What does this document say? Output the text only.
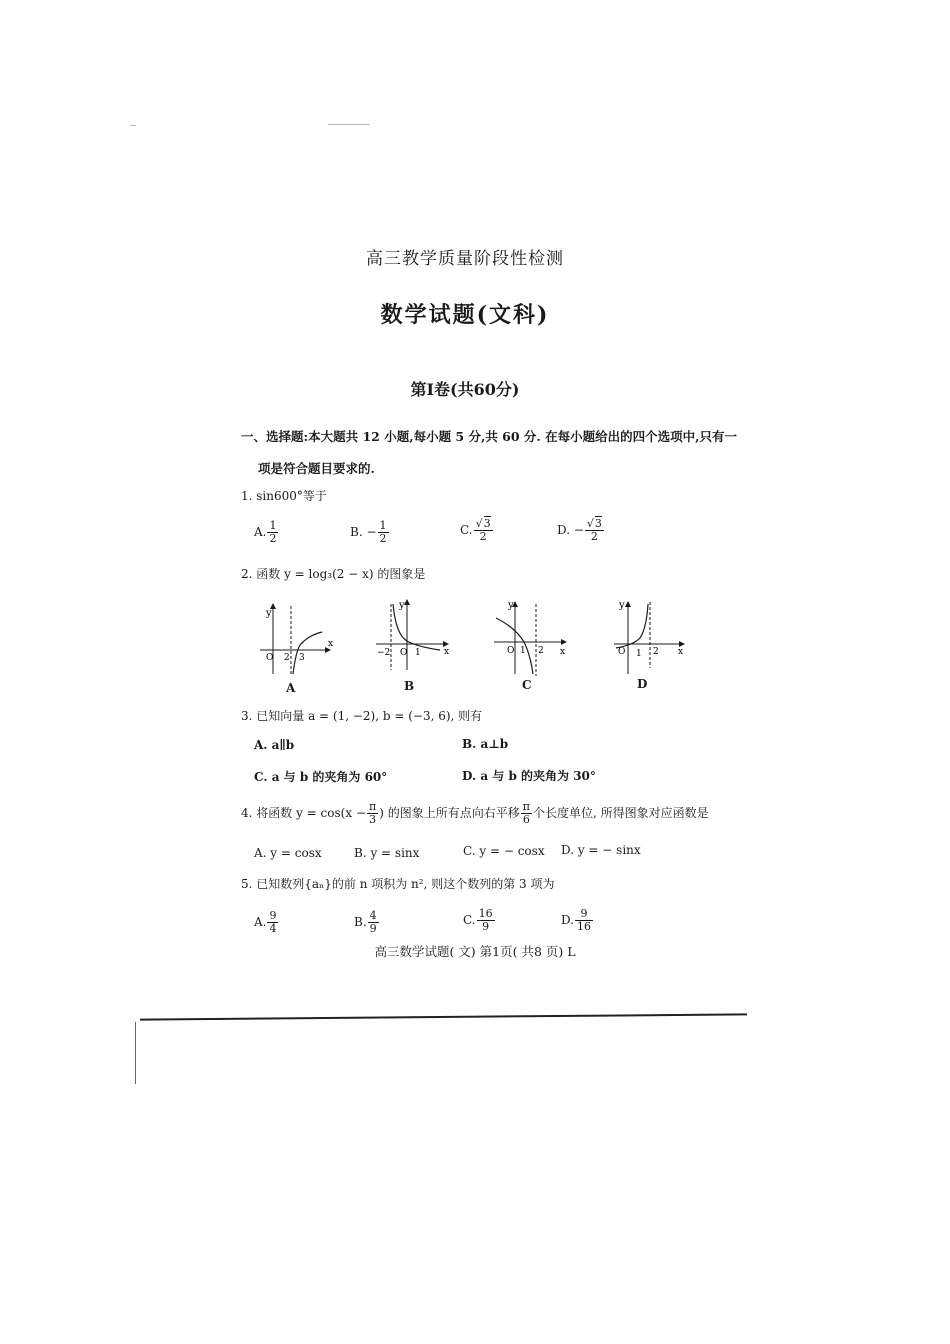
高三教学质量阶段性检测
数学试题(文科)
第Ⅰ卷(共60分)
一、选择题:本大题共 12 小题,每小题 5 分,共 60 分. 在每小题给出的四个选项中,只有一
项是符合题目要求的.
1. sin600°等于
A. $\frac{1}{2}$	B. − $\frac{1}{2}$	C. $\frac{√3}{2}$	D. − $\frac{√3}{2}$
2. 函数 y = log₃(2 − x) 的图象是
y
x
O 2 3
A
y
x
−2 O 1
B
y
x
O 1 2
C
y
x
O 1 2
D
3. 已知向量 a = (1, −2), b = (−3, 6), 则有
A. a∥b	B. a⊥b
C. a 与 b 的夹角为 60°	D. a 与 b 的夹角为 30°
4. 将函数 $y = \cos(x - \frac{\pi}{3}$ ) 的图象上所有点向右平移 $\frac{\pi}{6}$ 个长度单位, 所得图象对应函数是
A. y = cosx	B. y = sinx	C. y = − cosx D. y = − sinx
5. 已知数列{aₙ}的前 n 项积为 n², 则这个数列的第 3 项为
A. $\frac{9}{4}$	B. $\frac{4}{9}$	C. $\frac{16}{9}$	D. $\frac{9}{16}$
高三数学试题( 文) 第1页( 共8 页) L
